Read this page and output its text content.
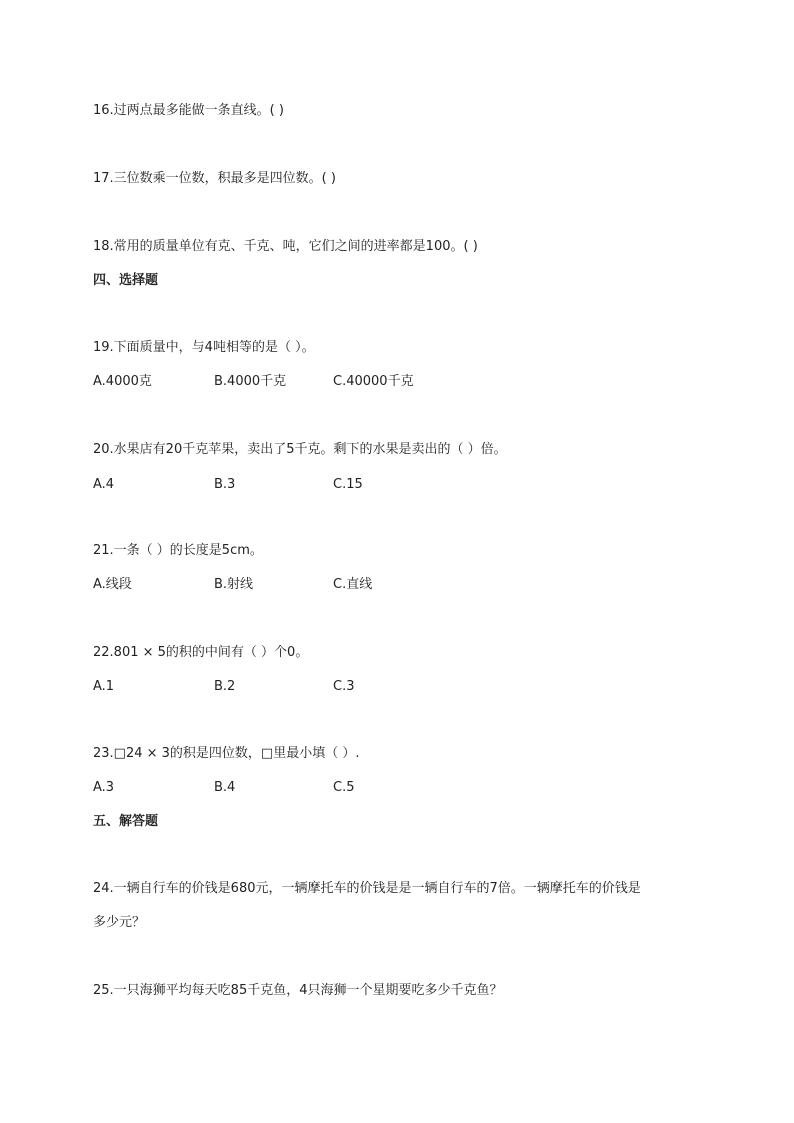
16.过两点最多能做一条直线。( )
17.三位数乘一位数，积最多是四位数。( )
18.常用的质量单位有克、千克、吨，它们之间的进率都是100。( )
四、选择题
19.下面质量中，与4吨相等的是（ ）。
A.4000克	B.4000千克	C.40000千克
20.水果店有20千克苹果，卖出了5千克。剩下的水果是卖出的（ ）倍。
A.4	B.3	C.15
21.一条（ ）的长度是5cm。
A.线段	B.射线	C.直线
22.801 × 5的积的中间有（ ）个0。
A.1	B.2	C.3
23.□24 × 3的积是四位数，□里最小填（ ）.
A.3	B.4	C.5
五、解答题
24.一辆自行车的价钱是680元，一辆摩托车的价钱是是一辆自行车的7倍。一辆摩托车的价钱是
多少元？
25.一只海狮平均每天吃85千克鱼，4只海狮一个星期要吃多少千克鱼？
